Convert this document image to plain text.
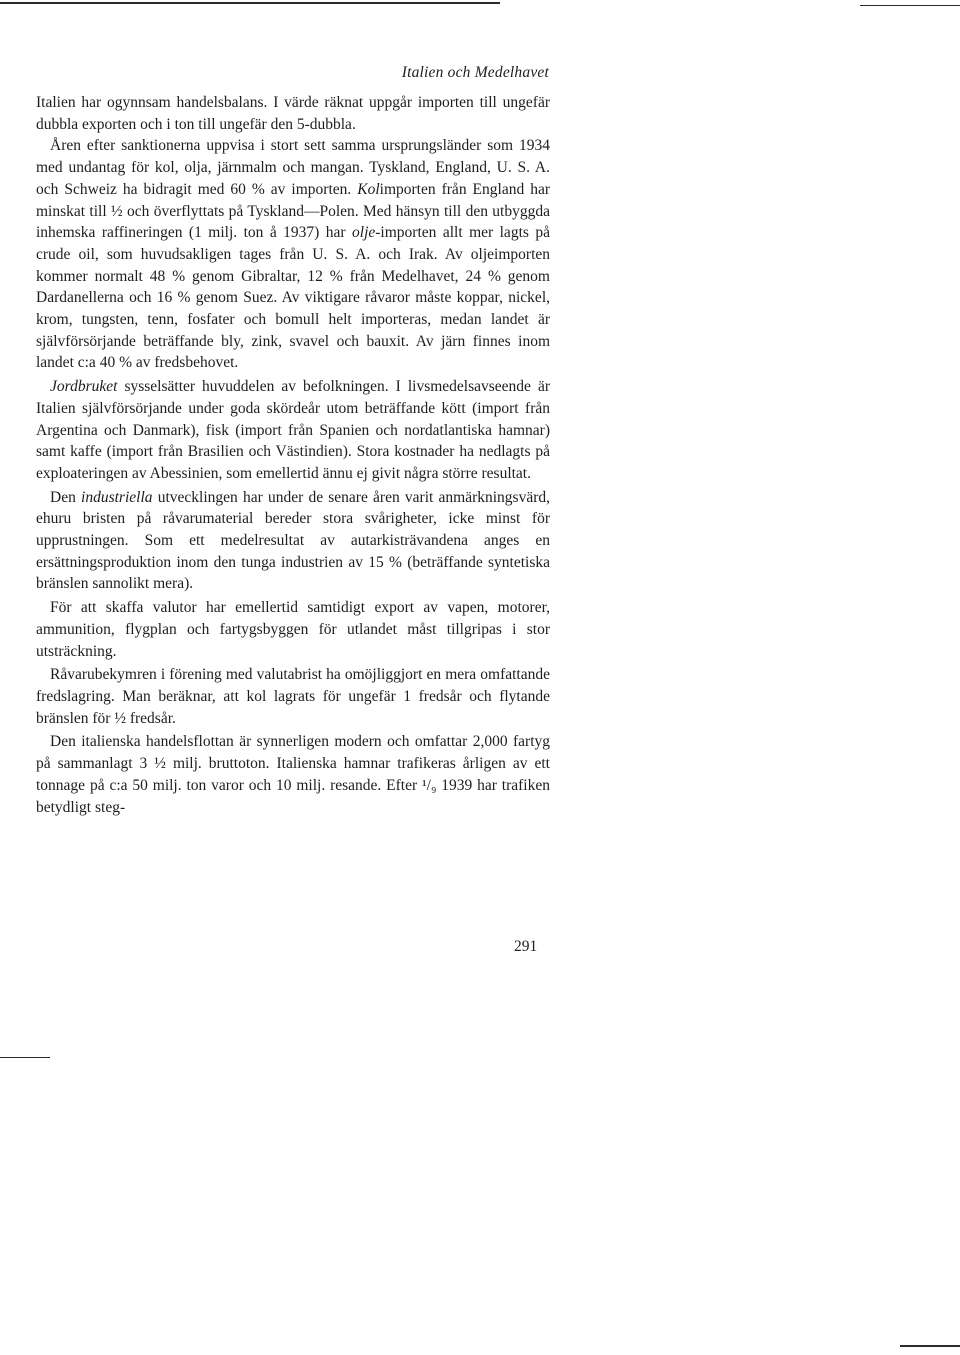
Italien och Medelhavet

Italien har ogynnsam handelsbalans. I värde räknat uppgår importen till ungefär dubbla exporten och i ton till ungefär den 5-dubbla.

Åren efter sanktionerna uppvisa i stort sett samma ursprungsländer som 1934 med undantag för kol, olja, järnmalm och mangan. Tyskland, England, U. S. A. och Schweiz ha bidragit med 60 % av importen. Kolimporten från England har minskat till ½ och överflyttats på Tyskland—Polen. Med hänsyn till den utbyggda inhemska raffineringen (1 milj. ton å 1937) har olje-importen allt mer lagts på crude oil, som huvudsakligen tages från U. S. A. och Irak. Av oljeimporten kommer normalt 48 % genom Gibraltar, 12 % från Medelhavet, 24 % genom Dardanellerna och 16 % genom Suez. Av viktigare råvaror måste koppar, nickel, krom, tungsten, tenn, fosfater och bomull helt importeras, medan landet är självförsörjande beträffande bly, zink, svavel och bauxit. Av järn finnes inom landet c:a 40 % av fredsbehovet.

Jordbruket sysselsätter huvuddelen av befolkningen. I livsmedelsavseende är Italien självförsörjande under goda skördeår utom beträffande kött (import från Argentina och Danmark), fisk (import från Spanien och nordatlantiska hamnar) samt kaffe (import från Brasilien och Västindien). Stora kostnader ha nedlagts på exploateringen av Abessinien, som emellertid ännu ej givit några större resultat.

Den industriella utvecklingen har under de senare åren varit anmärkningsvärd, ehuru bristen på råvarumaterial bereder stora svårigheter, icke minst för upprustningen. Som ett medelresultat av autarkisträvandena anges en ersättningsproduktion inom den tunga industrien av 15 % (beträffande syntetiska bränslen sannolikt mera).

För att skaffa valutor har emellertid samtidigt export av vapen, motorer, ammunition, flygplan och fartygsbyggen för utlandet måst tillgripas i stor utsträckning.

Råvarubekymren i förening med valutabrist ha omöjliggjort en mera omfattande fredslagring. Man beräknar, att kol lagrats för ungefär 1 fredsår och flytande bränslen för ½ fredsår.

Den italienska handelsflottan är synnerligen modern och omfattar 2,000 fartyg på sammanlagt 3 ½ milj. bruttoton. Italienska hamnar trafikeras årligen av ett tonnage på c:a 50 milj. ton varor och 10 milj. resande. Efter ¹/₉ 1939 har trafiken betydligt steg-

291
